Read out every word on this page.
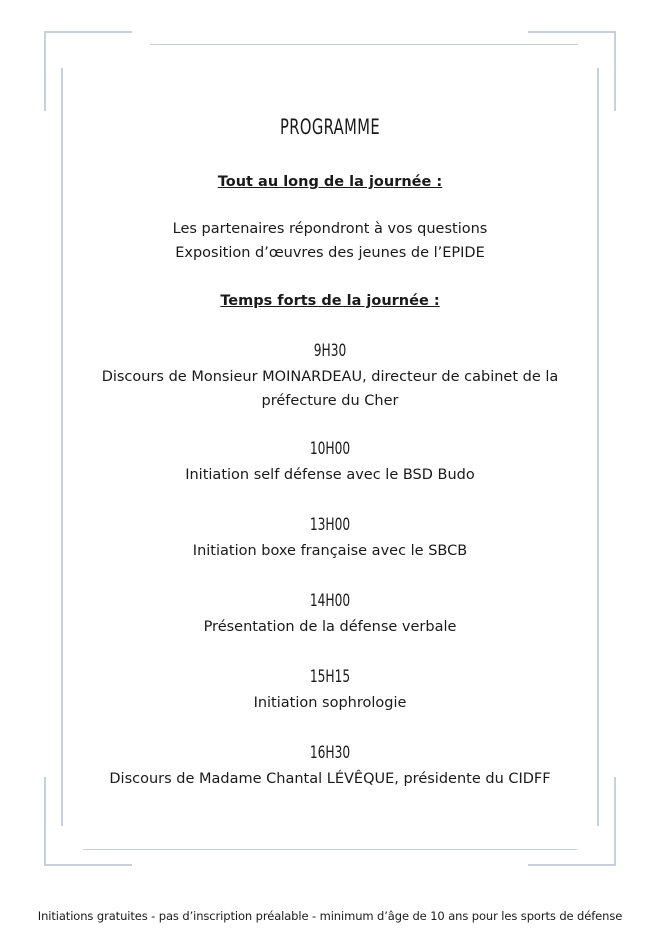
PROGRAMME

Tout au long de la journée :

Les partenaires répondront à vos questions

Exposition d’œuvres des jeunes de l’EPIDE

Temps forts de la journée :

9H30

Discours de Monsieur MOINARDEAU, directeur de cabinet de la

préfecture du Cher

10H00

Initiation self défense avec le BSD Budo

13H00

Initiation boxe française avec le SBCB

14H00

Présentation de la défense verbale

15H15

Initiation sophrologie

16H30

Discours de Madame Chantal LÉVÊQUE, présidente du CIDFF

Initiations gratuites - pas d’inscription préalable - minimum d’âge de 10 ans pour les sports de défense
